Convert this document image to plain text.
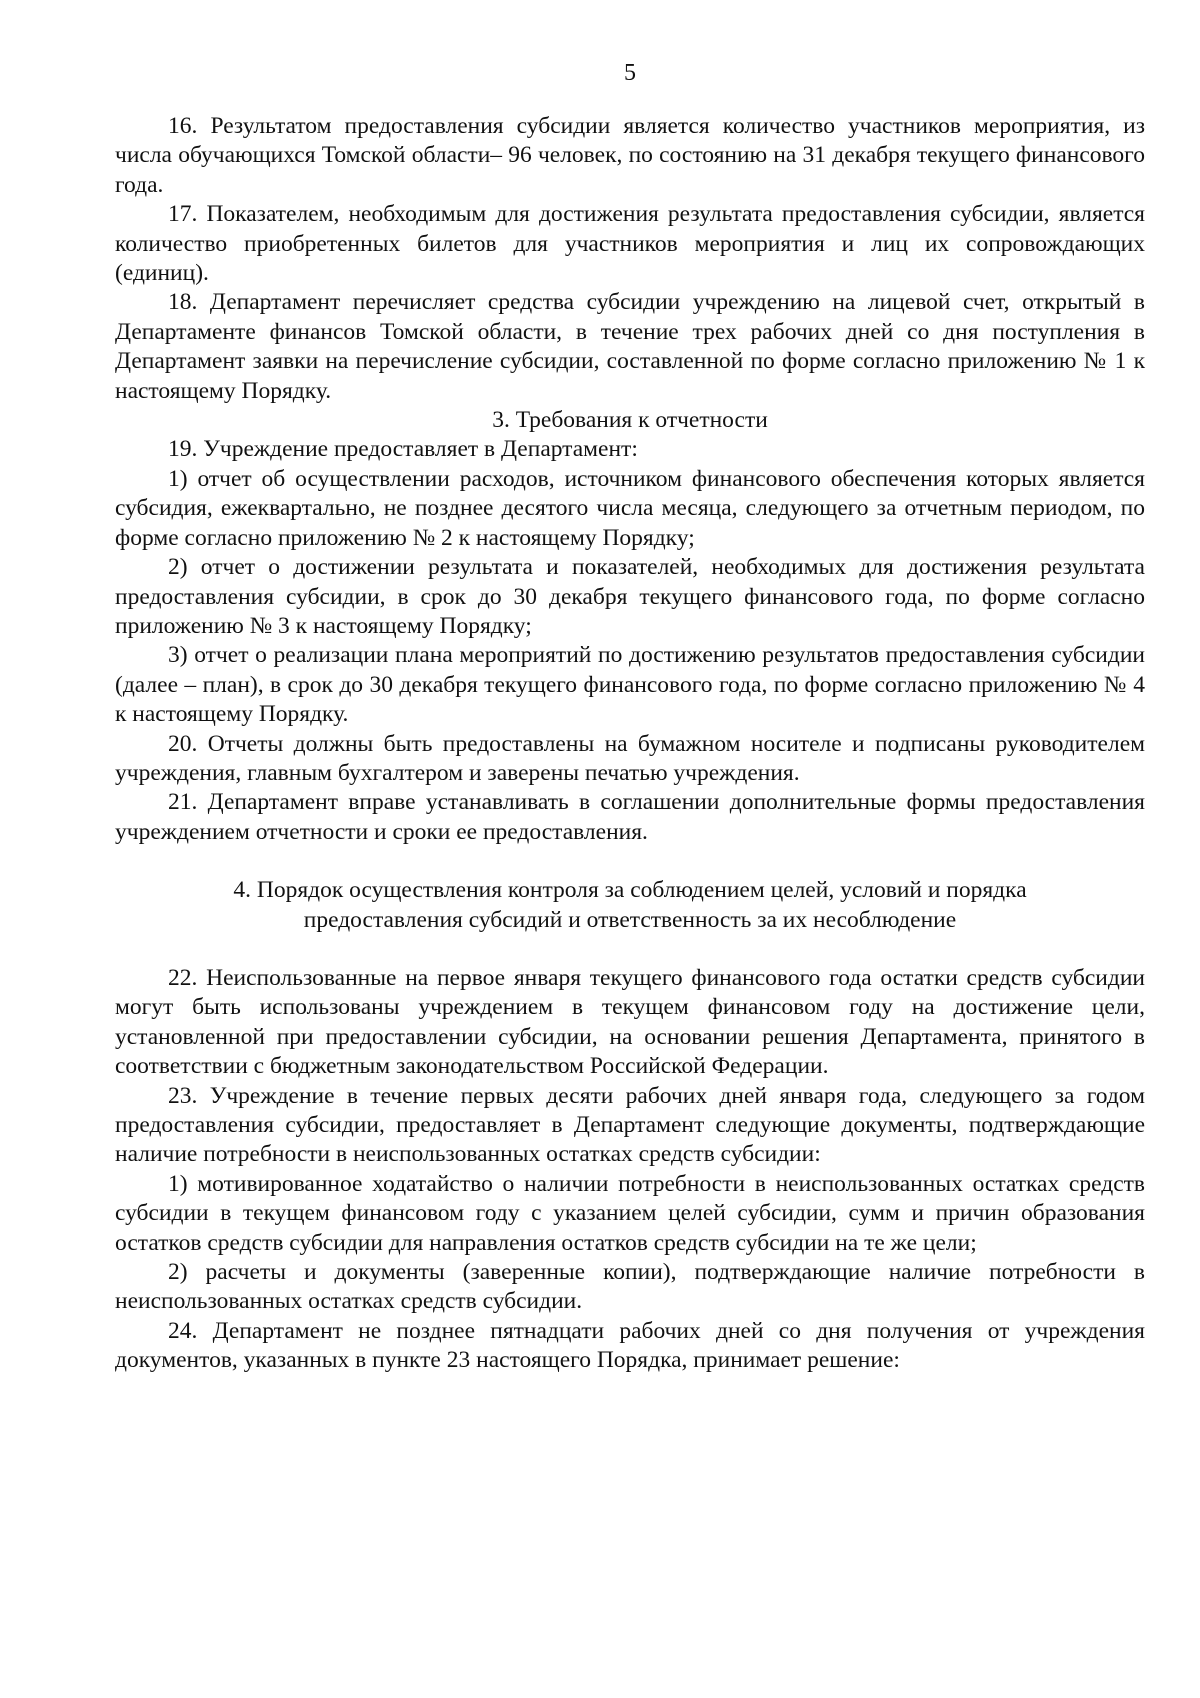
5

16. Результатом предоставления субсидии является количество участников мероприятия, из числа обучающихся Томской области– 96 человек, по состоянию на 31 декабря текущего финансового года.

17. Показателем, необходимым для достижения результата предоставления субсидии, является количество приобретенных билетов для участников мероприятия и лиц их сопровождающих (единиц).

18. Департамент перечисляет средства субсидии учреждению на лицевой счет, открытый в Департаменте финансов Томской области, в течение трех рабочих дней со дня поступления в Департамент заявки на перечисление субсидии, составленной по форме согласно приложению № 1 к настоящему Порядку.

3. Требования к отчетности

19. Учреждение предоставляет в Департамент:

1) отчет об осуществлении расходов, источником финансового обеспечения которых является субсидия, ежеквартально, не позднее десятого числа месяца, следующего за отчетным периодом, по форме согласно приложению № 2 к настоящему Порядку;

2) отчет о достижении результата и показателей, необходимых для достижения результата предоставления субсидии, в срок до 30 декабря текущего финансового года, по форме согласно приложению № 3 к настоящему Порядку;

3) отчет о реализации плана мероприятий по достижению результатов предоставления субсидии (далее – план), в срок до 30 декабря текущего финансового года, по форме согласно приложению № 4 к настоящему Порядку.

20. Отчеты должны быть предоставлены на бумажном носителе и подписаны руководителем учреждения, главным бухгалтером и заверены печатью учреждения.

21. Департамент вправе устанавливать в соглашении дополнительные формы предоставления учреждением отчетности и сроки ее предоставления.

4. Порядок осуществления контроля за соблюдением целей, условий и порядка
предоставления субсидий и ответственность за их несоблюдение

22. Неиспользованные на первое января текущего финансового года остатки средств субсидии могут быть использованы учреждением в текущем финансовом году на достижение цели, установленной при предоставлении субсидии, на основании решения Департамента, принятого в соответствии с бюджетным законодательством Российской Федерации.

23. Учреждение в течение первых десяти рабочих дней января года, следующего за годом предоставления субсидии, предоставляет в Департамент следующие документы, подтверждающие наличие потребности в неиспользованных остатках средств субсидии:

1) мотивированное ходатайство о наличии потребности в неиспользованных остатках средств субсидии в текущем финансовом году с указанием целей субсидии, сумм и причин образования остатков средств субсидии для направления остатков средств субсидии на те же цели;

2) расчеты и документы (заверенные копии), подтверждающие наличие потребности в неиспользованных остатках средств субсидии.

24. Департамент не позднее пятнадцати рабочих дней со дня получения от учреждения документов, указанных в пункте 23 настоящего Порядка, принимает решение:
